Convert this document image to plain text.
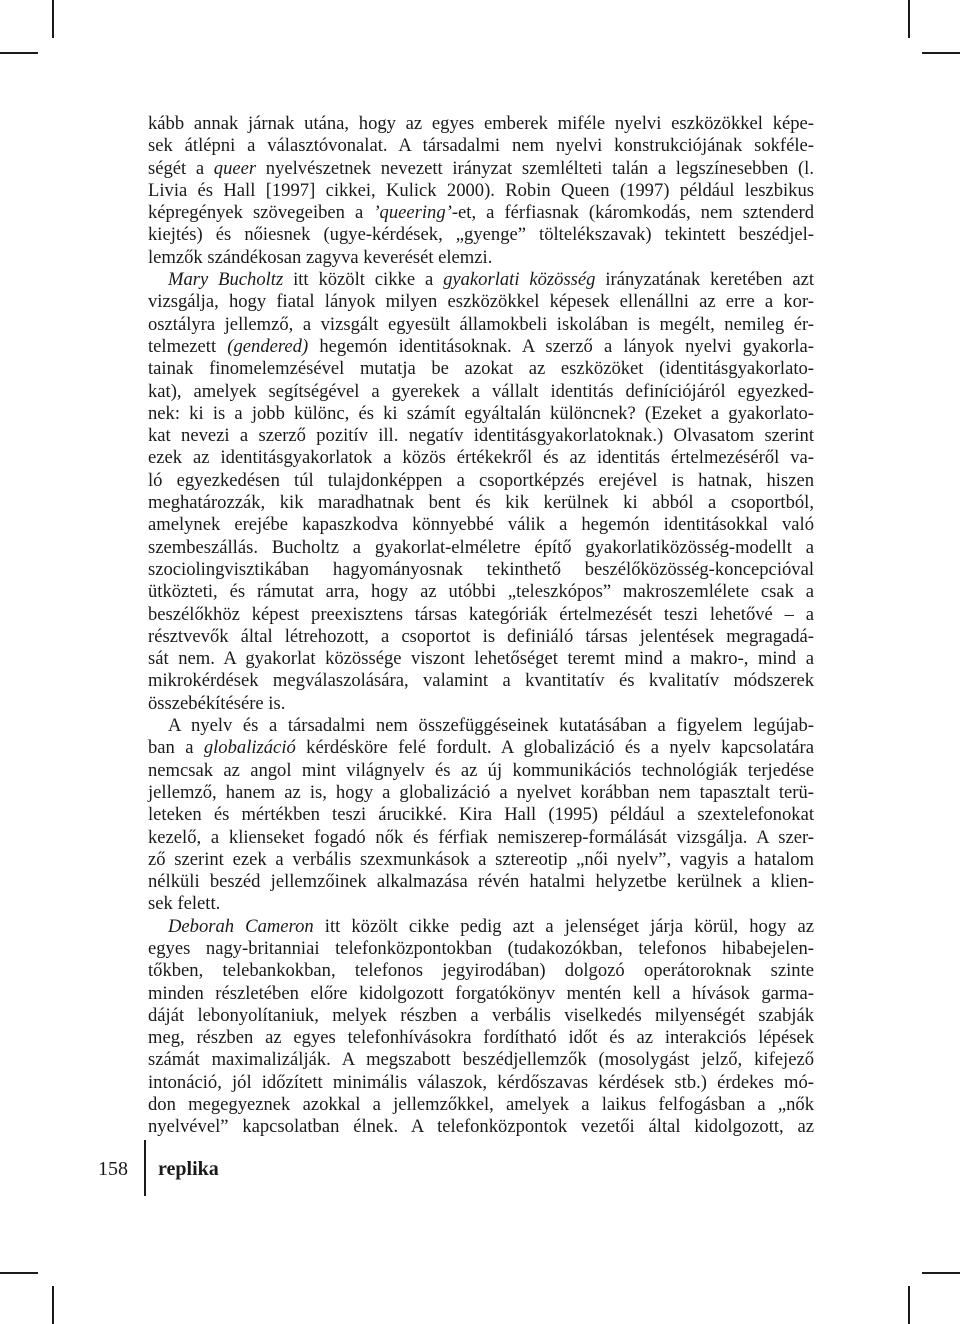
kább annak járnak utána, hogy az egyes emberek miféle nyelvi eszközökkel képe-
sek átlépni a választóvonalat. A társadalmi nem nyelvi konstrukciójának sokféle-
ségét a queer nyelvészetnek nevezett irányzat szemlélteti talán a legszínesebben (l.
Livia és Hall [1997] cikkei, Kulick 2000). Robin Queen (1997) például leszbikus
képregények szövegeiben a ’queering’-et, a férfiasnak (káromkodás, nem sztenderd
kiejtés) és nőiesnek (ugye-kérdések, „gyenge” töltelékszavak) tekintett beszédjel-
lemzők szándékosan zagyva keverését elemzi.
Mary Bucholtz itt közölt cikke a gyakorlati közösség irányzatának keretében azt
vizsgálja, hogy fiatal lányok milyen eszközökkel képesek ellenállni az erre a kor-
osztályra jellemző, a vizsgált egyesült államokbeli iskolában is megélt, nemileg ér-
telmezett (gendered) hegemón identitásoknak. A szerző a lányok nyelvi gyakorla-
tainak finomelemzésével mutatja be azokat az eszközöket (identitásgyakorlato-
kat), amelyek segítségével a gyerekek a vállalt identitás definíciójáról egyezked-
nek: ki is a jobb különc, és ki számít egyáltalán különcnek? (Ezeket a gyakorlato-
kat nevezi a szerző pozitív ill. negatív identitásgyakorlatoknak.) Olvasatom szerint
ezek az identitásgyakorlatok a közös értékekről és az identitás értelmezéséről va-
ló egyezkedésen túl tulajdonképpen a csoportképzés erejével is hatnak, hiszen
meghatározzák, kik maradhatnak bent és kik kerülnek ki abból a csoportból,
amelynek erejébe kapaszkodva könnyebbé válik a hegemón identitásokkal való
szembeszállás. Bucholtz a gyakorlat-elméletre építő gyakorlatiközösség-modellt a
szociolingvisztikában hagyományosnak tekinthető beszélőközösség-koncepcióval
ütközteti, és rámutat arra, hogy az utóbbi „teleszkópos” makroszemlélete csak a
beszélőkhöz képest preexisztens társas kategóriák értelmezését teszi lehetővé – a
résztvevők által létrehozott, a csoportot is definiáló társas jelentések megragadá-
sát nem. A gyakorlat közössége viszont lehetőséget teremt mind a makro-, mind a
mikrokérdések megválaszolására, valamint a kvantitatív és kvalitatív módszerek
összebékítésére is.
A nyelv és a társadalmi nem összefüggéseinek kutatásában a figyelem legújab-
ban a globalizáció kérdésköre felé fordult. A globalizáció és a nyelv kapcsolatára
nemcsak az angol mint világnyelv és az új kommunikációs technológiák terjedése
jellemző, hanem az is, hogy a globalizáció a nyelvet korábban nem tapasztalt terü-
leteken és mértékben teszi árucikké. Kira Hall (1995) például a szextelefonokat
kezelő, a klienseket fogadó nők és férfiak nemiszerep-formálását vizsgálja. A szer-
ző szerint ezek a verbális szexmunkások a sztereotip „női nyelv”, vagyis a hatalom
nélküli beszéd jellemzőinek alkalmazása révén hatalmi helyzetbe kerülnek a klien-
sek felett.
Deborah Cameron itt közölt cikke pedig azt a jelenséget járja körül, hogy az
egyes nagy-britanniai telefonközpontokban (tudakozókban, telefonos hibabejelen-
tőkben, telebankokban, telefonos jegyirodában) dolgozó operátoroknak szinte
minden részletében előre kidolgozott forgatókönyv mentén kell a hívások garma-
dáját lebonyolítaniuk, melyek részben a verbális viselkedés milyenségét szabják
meg, részben az egyes telefonhívásokra fordítható időt és az interakciós lépések
számát maximalizálják. A megszabott beszédjellemzők (mosolygást jelző, kifejező
intonáció, jól időzített minimális válaszok, kérdőszavas kérdések stb.) érdekes mó-
don megegyeznek azokkal a jellemzőkkel, amelyek a laikus felfogásban a „nők
nyelvével” kapcsolatban élnek. A telefonközpontok vezetői által kidolgozott, az
158 replika
